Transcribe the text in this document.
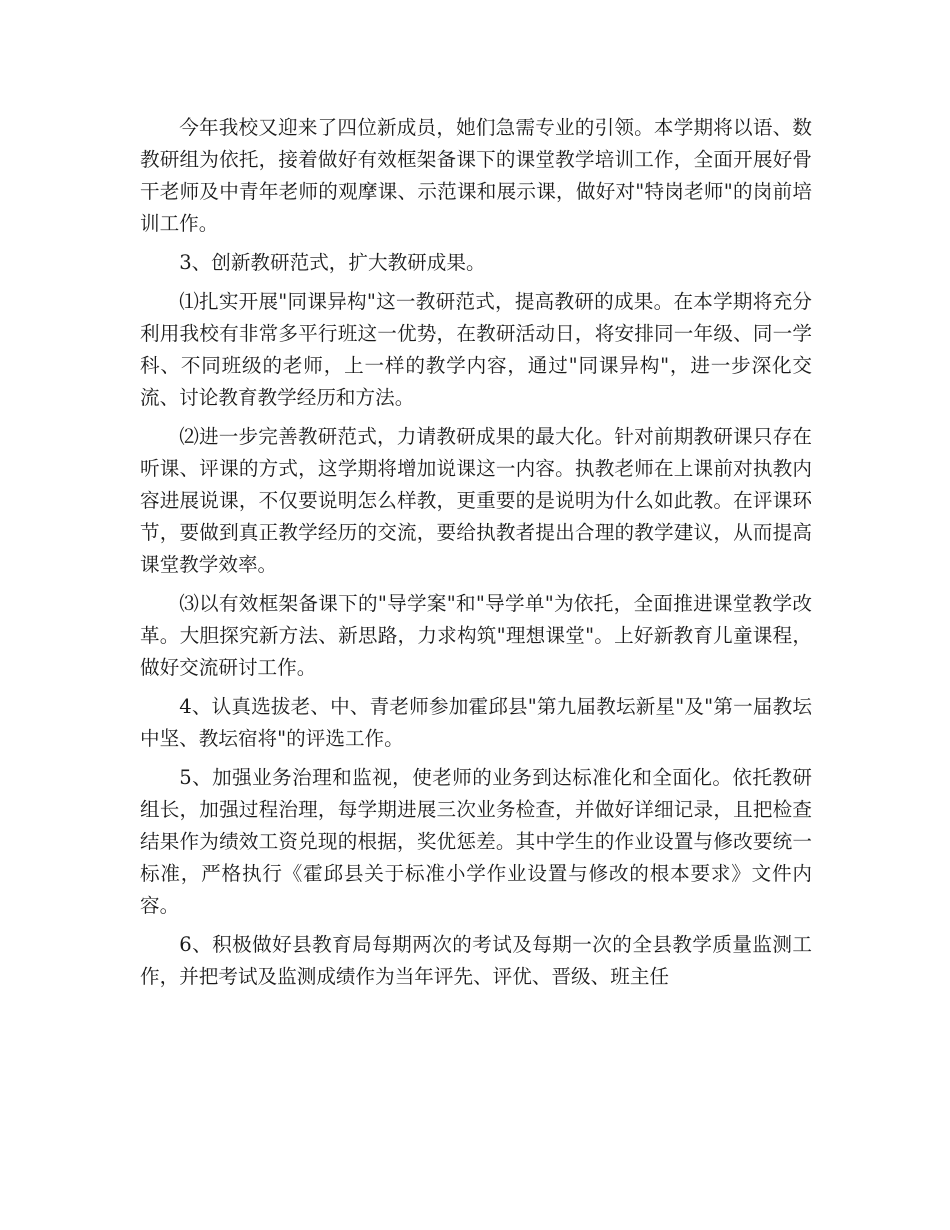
今年我校又迎来了四位新成员，她们急需专业的引领。本学期将以语、数教研组为依托，接着做好有效框架备课下的课堂教学培训工作，全面开展好骨干老师及中青年老师的观摩课、示范课和展示课，做好对"特岗老师"的岗前培训工作。

3、创新教研范式，扩大教研成果。

⑴扎实开展"同课异构"这一教研范式，提高教研的成果。在本学期将充分利用我校有非常多平行班这一优势，在教研活动日，将安排同一年级、同一学科、不同班级的老师，上一样的教学内容，通过"同课异构"，进一步深化交流、讨论教育教学经历和方法。

⑵进一步完善教研范式，力请教研成果的最大化。针对前期教研课只存在听课、评课的方式，这学期将增加说课这一内容。执教老师在上课前对执教内容进展说课，不仅要说明怎么样教，更重要的是说明为什么如此教。在评课环节，要做到真正教学经历的交流，要给执教者提出合理的教学建议，从而提高课堂教学效率。

⑶以有效框架备课下的"导学案"和"导学单"为依托，全面推进课堂教学改革。大胆探究新方法、新思路，力求构筑"理想课堂"。上好新教育儿童课程，做好交流研讨工作。

4、认真选拔老、中、青老师参加霍邱县"第九届教坛新星"及"第一届教坛中坚、教坛宿将"的评选工作。

5、加强业务治理和监视，使老师的业务到达标准化和全面化。依托教研组长，加强过程治理，每学期进展三次业务检查，并做好详细记录，且把检查结果作为绩效工资兑现的根据，奖优惩差。其中学生的作业设置与修改要统一标准，严格执行《霍邱县关于标准小学作业设置与修改的根本要求》文件内容。

6、积极做好县教育局每期两次的考试及每期一次的全县教学质量监测工作，并把考试及监测成绩作为当年评先、评优、晋级、班主任
